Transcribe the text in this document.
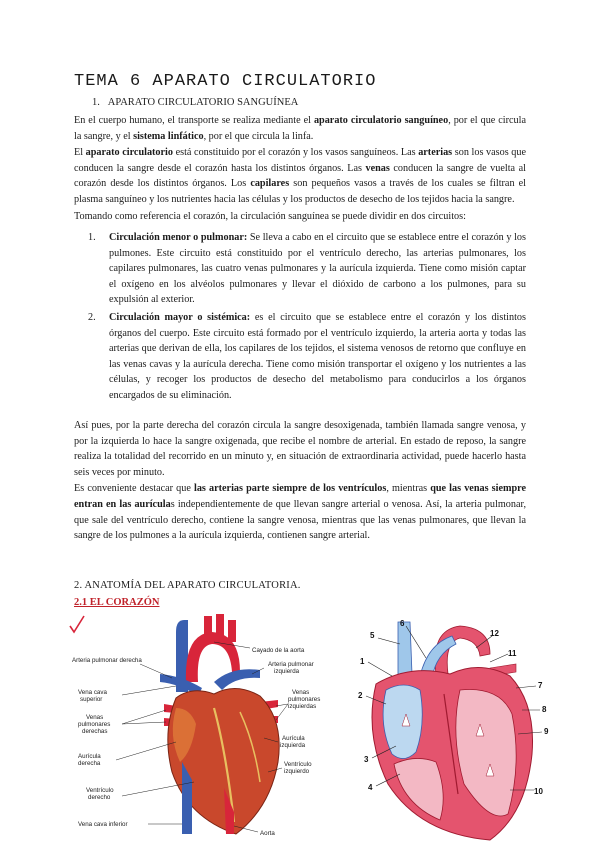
TEMA 6 APARATO CIRCULATORIO
1.   APARATO CIRCULATORIO SANGUÍNEA

En el cuerpo humano, el transporte se realiza mediante el aparato circulatorio sanguíneo, por el que circula la sangre, y el sistema linfático, por el que circula la linfa.

El aparato circulatorio está constituido por el corazón y los vasos sanguíneos. Las arterias son los vasos que conducen la sangre desde el corazón hasta los distintos órganos. Las venas conducen la sangre de vuelta al corazón desde los distintos órganos. Los capilares son pequeños vasos a través de los cuales se filtran el plasma sanguíneo y los nutrientes hacia las células y los productos de desecho de los tejidos hacia la sangre.

Tomando como referencia el corazón, la circulación sanguínea se puede dividir en dos circuitos:

1. Circulación menor o pulmonar: Se lleva a cabo en el circuito que se establece entre el corazón y los pulmones. Este circuito está constituido por el ventrículo derecho, las arterias pulmonares, los capilares pulmonares, las cuatro venas pulmonares y la aurícula izquierda. Tiene como misión captar el oxígeno en los alvéolos pulmonares y llevar el dióxido de carbono a los pulmones, para su expulsión al exterior.
2. Circulación mayor o sistémica: es el circuito que se establece entre el corazón y los distintos órganos del cuerpo. Este circuito está formado por el ventrículo izquierdo, la arteria aorta y todas las arterias que derivan de ella, los capilares de los tejidos, el sistema venosos de retorno que confluye en las venas cavas y la aurícula derecha. Tiene como misión transportar el oxígeno y los nutrientes a las células, y recoger los productos de desecho del metabolismo para conducirlos a los órganos encargados de su eliminación.

Así pues, por la parte derecha del corazón circula la sangre desoxigenada, también llamada sangre venosa, y por la izquierda lo hace la sangre oxigenada, que recibe el nombre de arterial. En estado de reposo, la sangre realiza la totalidad del recorrido en un minuto y, en situación de extraordinaria actividad, puede hacerlo hasta seis veces por minuto.

Es conveniente destacar que las arterias parte siempre de los ventrículos, mientras que las venas siempre entran en las aurículas independientemente de que llevan sangre arterial o venosa. Así, la arteria pulmonar, que sale del ventrículo derecho, contiene la sangre venosa, mientras que las venas pulmonares, que llevan la sangre de los pulmones a la aurícula izquierda, contienen sangre arterial.

2. ANATOMÍA DEL APARATO CIRCULATORIA.
2.1 EL CORAZÓN
Cayado de la aorta
Arteria pulmonar derecha
Arteria pulmonar
izquierda
Vena cava
superior
Venas
pulmonares
derechas
Venas
pulmonares
izquierdas
Aurícula
derecha
Aurícula
izquierda
Ventrículo
derecho
Ventrículo
izquierdo
Vena cava inferior
Aorta
1
2
3
4
5
6
7
8
9
10
11
12
